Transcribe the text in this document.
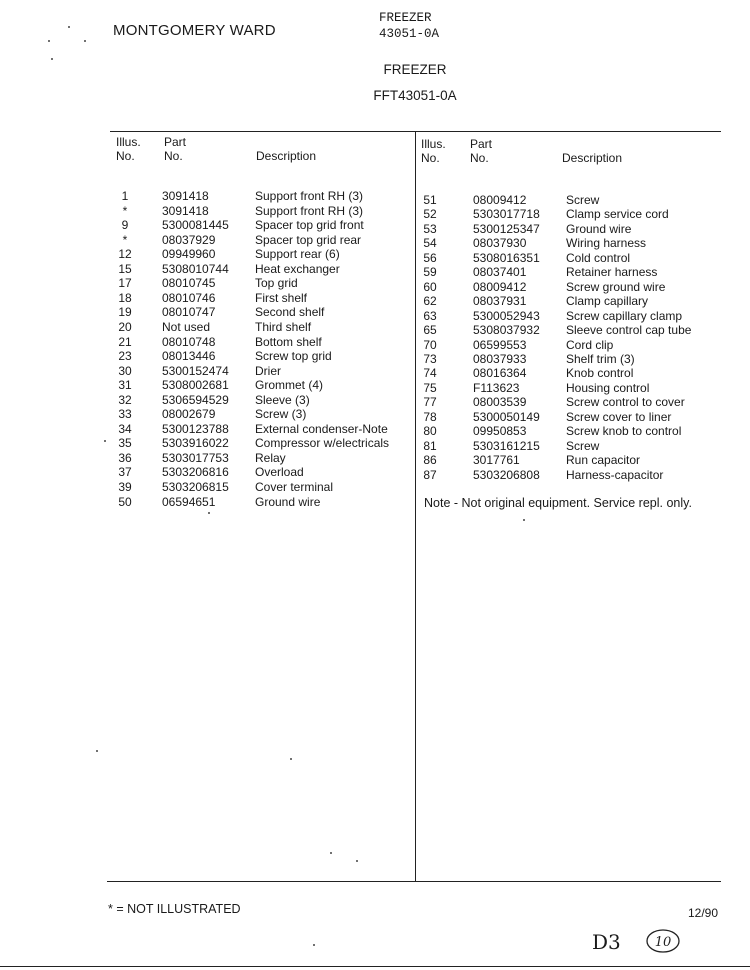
MONTGOMERY WARD
FREEZER
43051-0A
FREEZER
FFT43051-0A
Illus.
No.
Part
No.	Description
Illus.
No.
Part
No.	Description
1	3091418	Support front RH (3)
*	3091418	Support front RH (3)
9	5300081445 Spacer top grid front
*	08037929	Spacer top grid rear
12	09949960	Support rear (6)
15	5308010744 Heat exchanger
17	08010745	Top grid
18	08010746	First shelf
19	08010747	Second shelf
20	Not used	Third shelf
21	08010748	Bottom shelf
23	08013446	Screw top grid
30	5300152474 Drier
31	5308002681 Grommet (4)
32	5306594529 Sleeve (3)
33	08002679	Screw (3)
34	5300123788 External condenser-Note
35	5303916022 Compressor w/electricals
36	5303017753 Relay
37	5303206816 Overload
39	5303206815 Cover terminal
50	06594651	Ground wire
51	08009412	Screw
52	5303017718 Clamp service cord
53	5300125347 Ground wire
54	08037930	Wiring harness
56	5308016351 Cold control
59	08037401	Retainer harness
60	08009412	Screw ground wire
62	08037931	Clamp capillary
63	5300052943 Screw capillary clamp
65	5308037932 Sleeve control cap tube
70	06599553	Cord clip
73	08037933	Shelf trim (3)
74	08016364	Knob control
75	F113623	Housing control
77	08003539	Screw control to cover
78	5300050149 Screw cover to liner
80	09950853	Screw knob to control
81	5303161215 Screw
86	3017761	Run capacitor
87	5303206808 Harness-capacitor
Note - Not original equipment. Service repl. only.
* = NOT ILLUSTRATED	12/90
D3	10
